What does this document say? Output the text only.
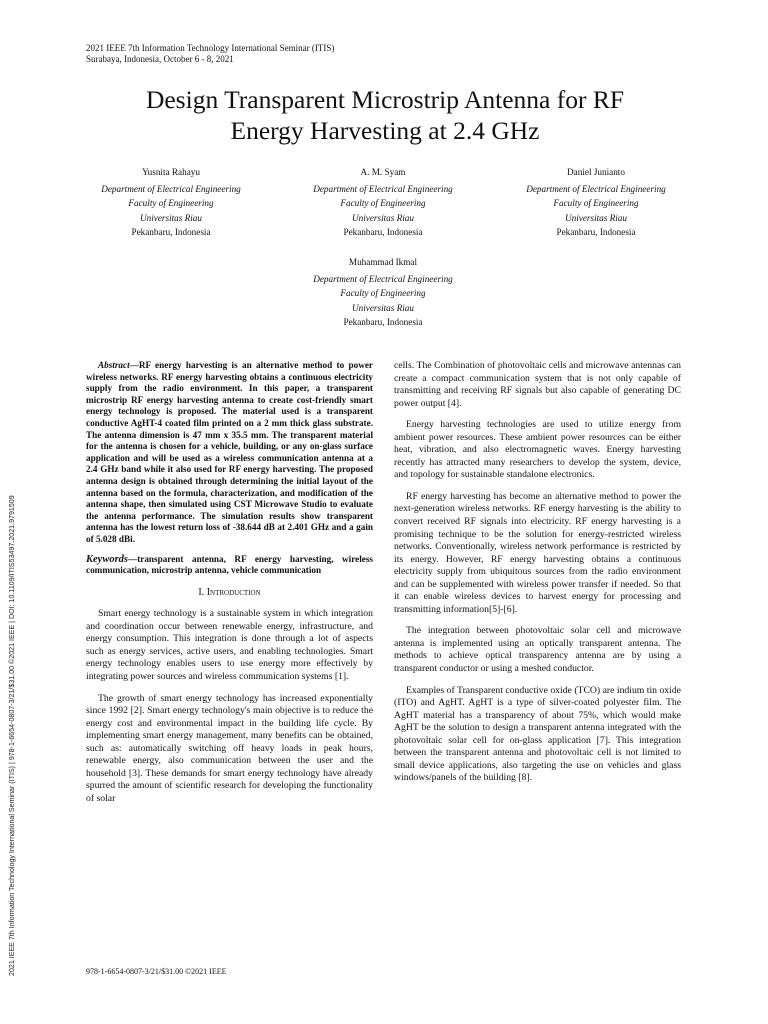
2021 IEEE 7th Information Technology International Seminar (ITIS)
Surabaya, Indonesia, October 6 - 8, 2021
Design Transparent Microstrip Antenna for RF
Energy Harvesting at 2.4 GHz
Yusnita Rahayu
Department of Electrical Engineering
Faculty of Engineering
Universitas Riau
Pekanbaru, Indonesia
A. M. Syam
Department of Electrical Engineering
Faculty of Engineering
Universitas Riau
Pekanbaru, Indonesia
Daniel Junianto
Department of Electrical Engineering
Faculty of Engineering
Universitas Riau
Pekanbaru, Indonesia
Muhammad Ikmal
Department of Electrical Engineering
Faculty of Engineering
Universitas Riau
Pekanbaru, Indonesia
2021 IEEE 7th Information Technology International Seminar (ITIS) | 978-1-6654-0807-3/21/$31.00 ©2021 IEEE | DOI: 10.1109/ITIS53497.2021.9791509
Abstract—RF energy harvesting is an alternative method to power wireless networks. RF energy harvesting obtains a continuous electricity supply from the radio environment. In this paper, a transparent microstrip RF energy harvesting antenna to create cost-friendly smart energy technology is proposed. The material used is a transparent conductive AgHT-4 coated film printed on a 2 mm thick glass substrate. The antenna dimension is 47 mm x 35.5 mm. The transparent material for the antenna is chosen for a vehicle, building, or any on-glass surface application and will be used as a wireless communication antenna at a 2.4 GHz band while it also used for RF energy harvesting. The proposed antenna design is obtained through determining the initial layout of the antenna based on the formula, characterization, and modification of the antenna shape, then simulated using CST Microwave Studio to evaluate the antenna performance. The simulation results show transparent antenna has the lowest return loss of -38.644 dB at 2.401 GHz and a gain of 5.028 dBi.
Keywords—transparent antenna, RF energy harvesting, wireless communication, microstrip antenna, vehicle communication
I. Introduction

Smart energy technology is a sustainable system in which integration and coordination occur between renewable energy, infrastructure, and energy consumption. This integration is done through a lot of aspects such as energy services, active users, and enabling technologies. Smart energy technology enables users to use energy more effectively by integrating power sources and wireless communication systems [1].

The growth of smart energy technology has increased exponentially since 1992 [2]. Smart energy technology's main objective is to reduce the energy cost and environmental impact in the building life cycle. By implementing smart energy management, many benefits can be obtained, such as: automatically switching off heavy loads in peak hours, renewable energy, also communication between the user and the household [3]. These demands for smart energy technology have already spurred the amount of scientific research for developing the functionality of solar

cells. The Combination of photovoltaic cells and microwave antennas can create a compact communication system that is not only capable of transmitting and receiving RF signals but also capable of generating DC power output [4].

Energy harvesting technologies are used to utilize energy from ambient power resources. These ambient power resources can be either heat, vibration, and also electromagnetic waves. Energy harvesting recently has attracted many researchers to develop the system, device, and topology for sustainable standalone electronics.

RF energy harvesting has become an alternative method to power the next-generation wireless networks. RF energy harvesting is the ability to convert received RF signals into electricity. RF energy harvesting is a promising technique to be the solution for energy-restricted wireless networks. Conventionally, wireless network performance is restricted by its energy. However, RF energy harvesting obtains a continuous electricity supply from ubiquitous sources from the radio environment and can be supplemented with wireless power transfer if needed. So that it can enable wireless devices to harvest energy for processing and transmitting information[5]-[6].

The integration between photovoltaic solar cell and microwave antenna is implemented using an optically transparent antenna. The methods to achieve optical transparency antenna are by using a transparent conductor or using a meshed conductor.

Examples of Transparent conductive oxide (TCO) are indium tin oxide (ITO) and AgHT. AgHT is a type of silver-coated polyester film. The AgHT material has a transparency of about 75%, which would make AgHT be the solution to design a transparent antenna integrated with the photovoltaic solar cell for on-glass application [7]. This integration between the transparent antenna and photovoltaic cell is not limited to small device applications, also targeting the use on vehicles and glass windows/panels of the building [8].

978-1-6654-0807-3/21/$31.00 ©2021 IEEE
